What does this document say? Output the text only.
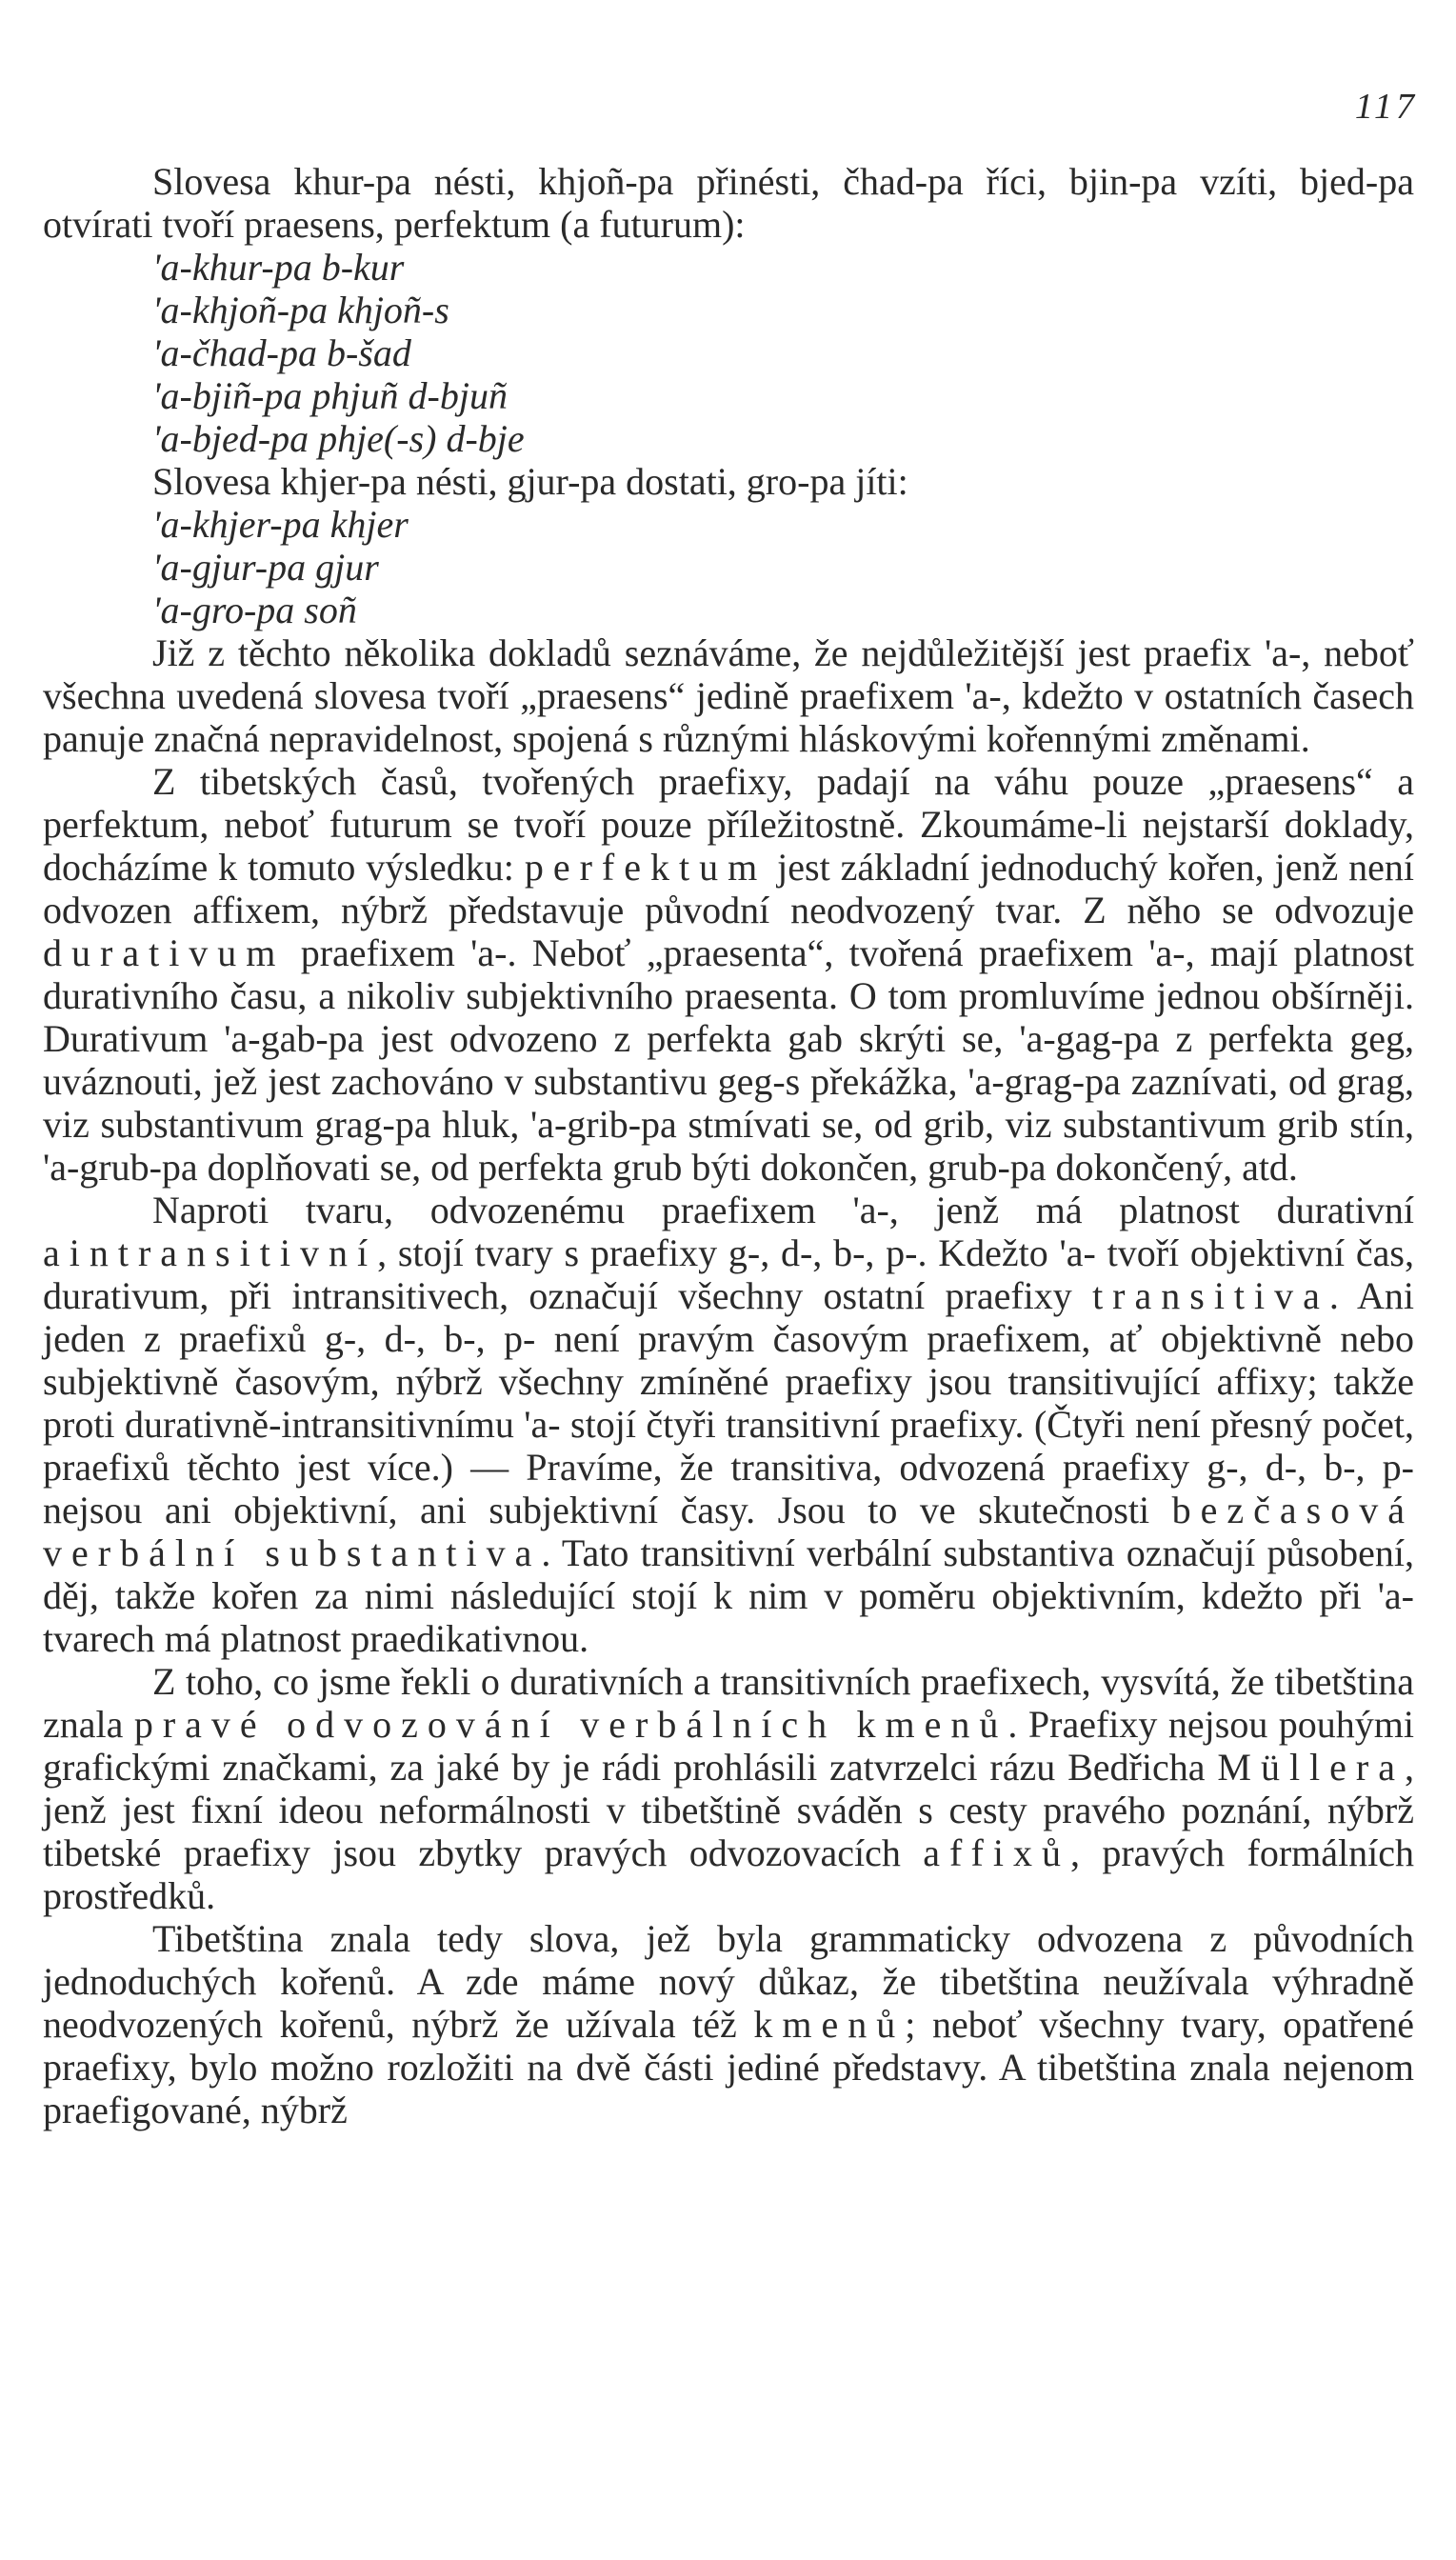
117

Slovesa khur-pa nésti, khjoñ-pa přinésti, čhad-pa říci, bjin-pa vzíti, bjed-pa otvírati tvoří praesens, perfektum (a futurum):

'a-khur-pa b-kur
'a-khjoñ-pa khjoñ-s
'a-čhad-pa b-šad
'a-bjiñ-pa phjuñ d-bjuñ
'a-bjed-pa phje(-s) d-bje

Slovesa khjer-pa nésti, gjur-pa dostati, gro-pa jíti:

'a-khjer-pa khjer
'a-gjur-pa gjur
'a-gro-pa soñ

Již z těchto několika dokladů seznáváme, že nejdůležitější jest praefix 'a-, neboť všechna uvedená slovesa tvoří „praesens“ jedině praefixem 'a-, kdežto v ostatních časech panuje značná nepravidelnost, spojená s různými hláskovými kořennými změnami.

Z tibetských časů, tvořených praefixy, padají na váhu pouze „praesens“ a perfektum, neboť futurum se tvoří pouze příležitostně. Zkoumáme-li nejstarší doklady, docházíme k tomuto výsledku: perfektum jest základní jednoduchý kořen, jenž není odvozen affixem, nýbrž představuje původní neodvozený tvar. Z něho se odvozuje durativum praefixem 'a-. Neboť „praesenta“, tvořená praefixem 'a-, mají platnost durativního času, a nikoliv subjektivního praesenta. O tom promluvíme jednou obšírněji. Durativum 'a-gab-pa jest odvozeno z perfekta gab skrýti se, 'a-gag-pa z perfekta geg, uváznouti, jež jest zachováno v substantivu geg-s překážka, 'a-grag-pa zaznívati, od grag, viz substantivum grag-pa hluk, 'a-grib-pa stmívati se, od grib, viz substantivum grib stín, 'a-grub-pa doplňovati se, od perfekta grub býti dokončen, grub-pa dokončený, atd.

Naproti tvaru, odvozenému praefixem 'a-, jenž má platnost durativní aintransitivní, stojí tvary s praefixy g-, d-, b-, p-. Kdežto 'a- tvoří objektivní čas, durativum, při intransitivech, označují všechny ostatní praefixy transitiva. Ani jeden z praefixů g-, d-, b-, p- není pravým časovým praefixem, ať objektivně nebo subjektivně časovým, nýbrž všechny zmíněné praefixy jsou transitivující affixy; takže proti durativně-intransitivnímu 'a- stojí čtyři transitivní praefixy. (Čtyři není přesný počet, praefixů těchto jest více.) — Pravíme, že transitiva, odvozená praefixy g-, d-, b-, p- nejsou ani objektivní, ani subjektivní časy. Jsou to ve skutečnosti bezčasová verbální substantiva. Tato transitivní verbální substantiva označují působení, děj, takže kořen za nimi následující stojí k nim v poměru objektivním, kdežto při 'a- tvarech má platnost praedikativnou.

Z toho, co jsme řekli o durativních a transitivních praefixech, vysvítá, že tibetština znala pravé odvozování verbálních kmenů. Praefixy nejsou pouhými grafickými značkami, za jaké by je rádi prohlásili zatvrzelci rázu Bedřicha Müllera, jenž jest fixní ideou neformálnosti v tibetštině sváděn s cesty pravého poznání, nýbrž tibetské praefixy jsou zbytky pravých odvozovacích affixů, pravých formálních prostředků.

Tibetština znala tedy slova, jež byla grammaticky odvozena z původních jednoduchých kořenů. A zde máme nový důkaz, že tibetština neužívala výhradně neodvozených kořenů, nýbrž že užívala též kmenů; neboť všechny tvary, opatřené praefixy, bylo možno rozložiti na dvě části jediné představy. A tibetština znala nejenom praefigované, nýbrž
